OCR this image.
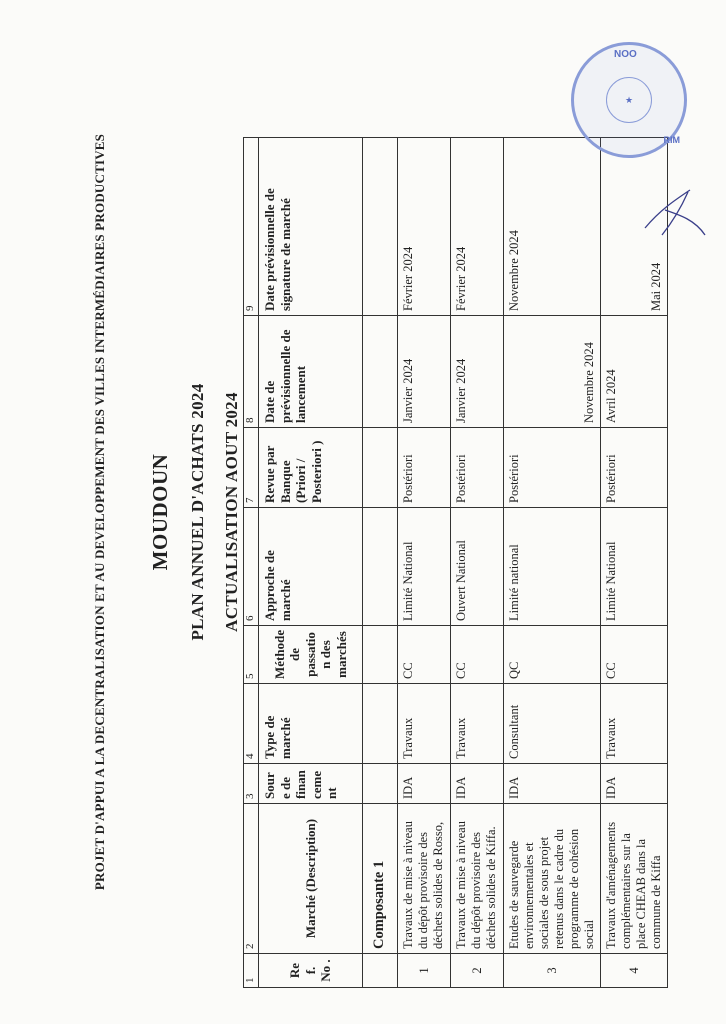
PROJET D'APPUI A LA DECENTRALISATION ET AU DEVELOPPEMENT DES VILLES INTERMÉDIAIRES PRODUCTIVES MOUDOUN PLAN ANNUEL D'ACHATS 2024 ACTUALISATION AOUT 2024
1	2	3	4	5	6	7	8	9
Re f. No .	Marché (Description)	Sour e de finan ceme nt	Type de marché	Méthode de passatio n des marchés	Approche de marché	Revue par Banque (Priori / Posteriori )	Date de prévisionnelle de lancement	Date prévisionnelle de signature de marché
	Composante 1							
1	Travaux de mise à niveau du dépôt provisoire des déchets solides de Rosso,	IDA	Travaux	CC	Limité National	Postériori	Janvier 2024	Février 2024
2	Travaux de mise à niveau du dépôt provisoire des déchets solides de Kiffa.	IDA	Travaux	CC	Ouvert National	Postériori	Janvier 2024	Février 2024
3	Etudes de sauvegarde environnementales et sociales de sous projet retenus dans le cadre du programme de cohésion social	IDA	Consultant	QC	Limité national	Postériori	Novembre 2024	Novembre 2024
4	Travaux d'aménagements complémentaires sur la place CHEAB dans la commune de Kiffa	IDA	Travaux	CC	Limité National	Postériori	Avril 2024	Mai 2024
NOO
★
RIM
